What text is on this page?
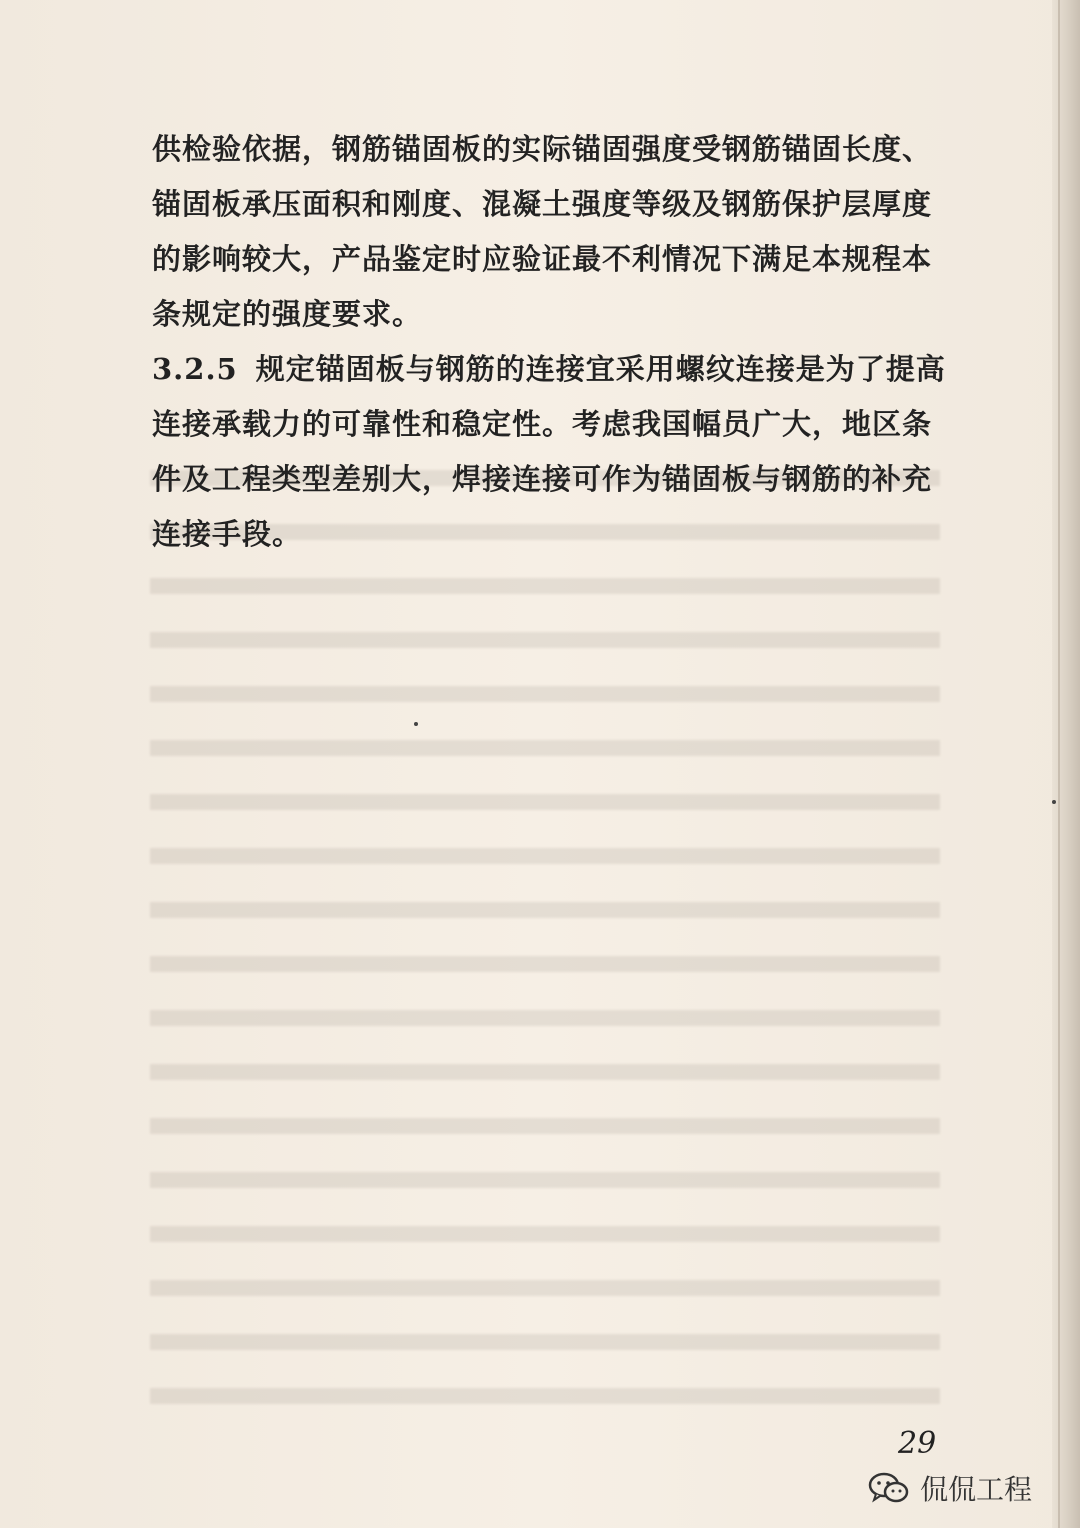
供检验依据，钢筋锚固板的实际锚固强度受钢筋锚固长度、锚固板承压面积和刚度、混凝土强度等级及钢筋保护层厚度的影响较大，产品鉴定时应验证最不利情况下满足本规程本条规定的强度要求。

3.2.5 规定锚固板与钢筋的连接宜采用螺纹连接是为了提高连接承载力的可靠性和稳定性。考虑我国幅员广大，地区条件及工程类型差别大，焊接连接可作为锚固板与钢筋的补充连接手段。

29
侃侃工程
